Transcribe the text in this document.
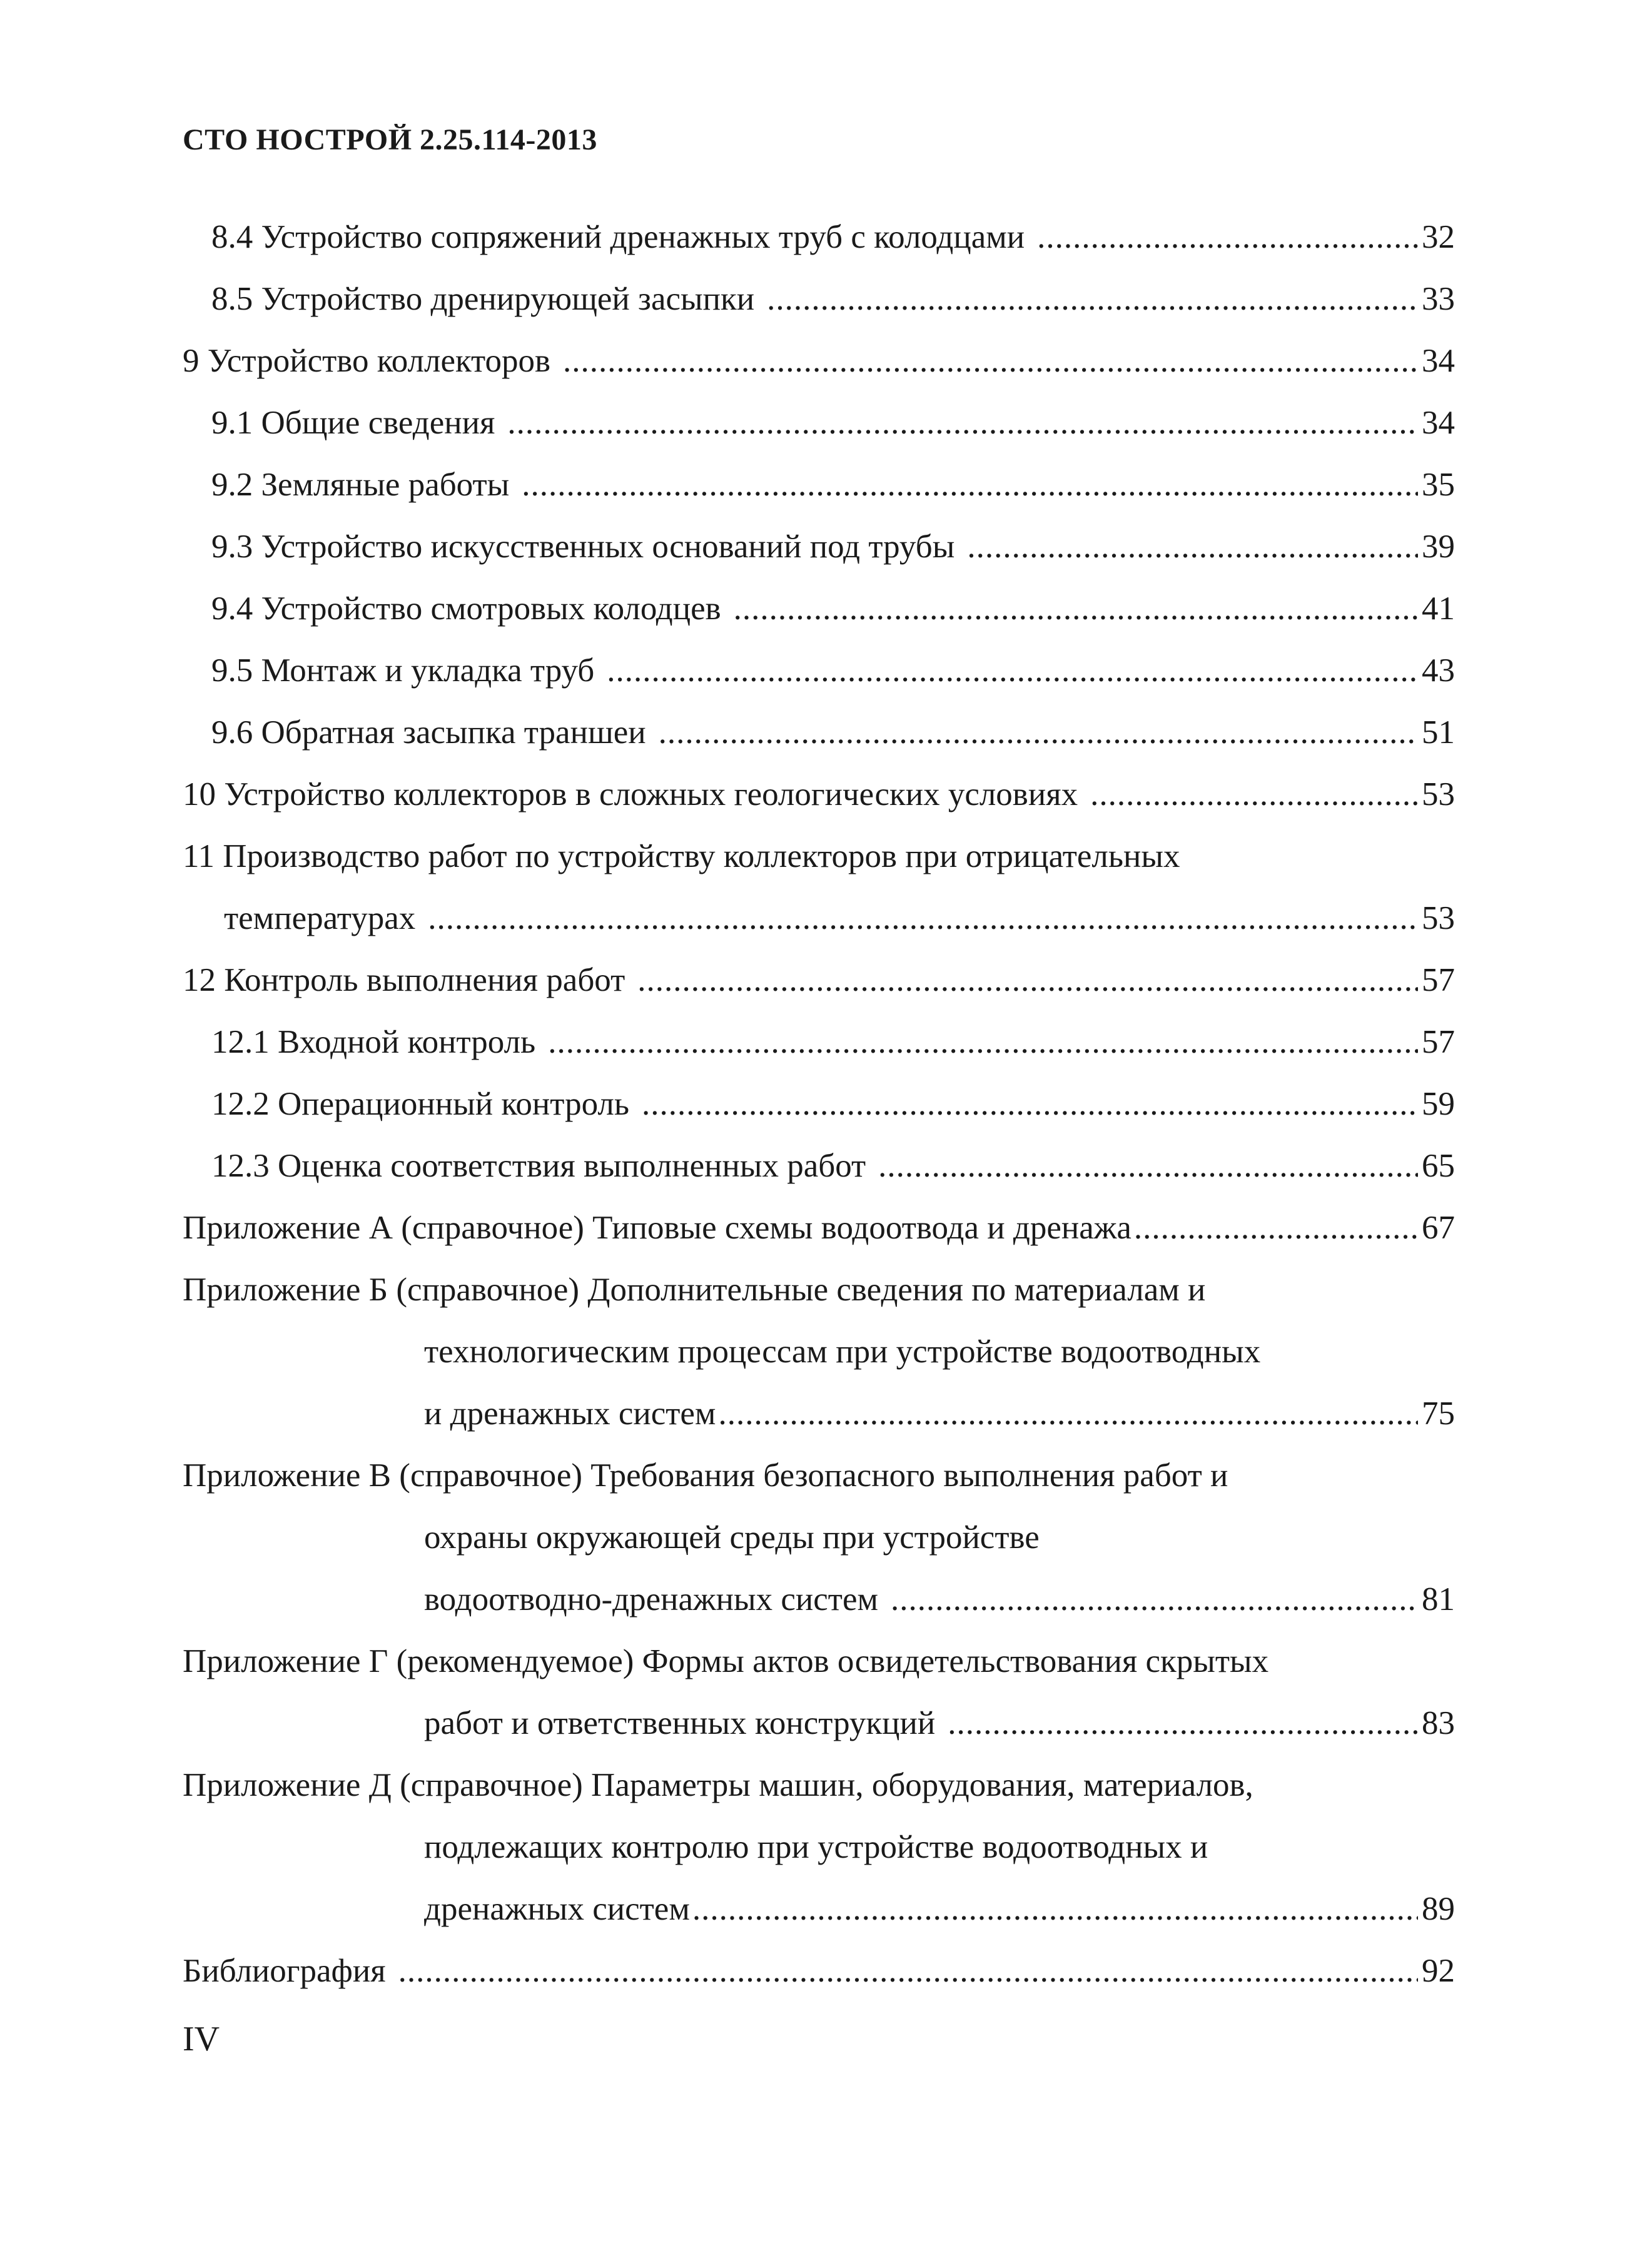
СТО НОСТРОЙ 2.25.114-2013
8.4 Устройство сопряжений дренажных труб с колодцами .....	32
8.5 Устройство дренирующей засыпки .....	33
9 Устройство коллекторов .....	34
9.1 Общие сведения .....	34
9.2 Земляные работы .....	35
9.3 Устройство искусственных оснований под трубы .....	39
9.4 Устройство смотровых колодцев .....	41
9.5 Монтаж и укладка труб .....	43
9.6 Обратная засыпка траншеи .....	51
10 Устройство коллекторов в сложных геологических условиях .....	53
11 Производство работ по устройству коллекторов при отрицательных
температурах .....	53
12 Контроль выполнения работ .....	57
12.1 Входной контроль .....	57
12.2 Операционный контроль .....	59
12.3 Оценка соответствия выполненных работ .....	65
Приложение А (справочное) Типовые схемы водоотвода и дренажа .....	67
Приложение Б (справочное) Дополнительные сведения по материалам и
технологическим процессам при устройстве водоотводных
и дренажных систем .....	75
Приложение В (справочное) Требования безопасного выполнения работ и
охраны окружающей среды при устройстве
водоотводно-дренажных систем .....	81
Приложение Г (рекомендуемое) Формы актов освидетельствования скрытых
работ и ответственных конструкций .....	83
Приложение Д (справочное) Параметры машин, оборудования, материалов,
подлежащих контролю при устройстве водоотводных и
дренажных систем .....	89
Библиография .....	92
IV
